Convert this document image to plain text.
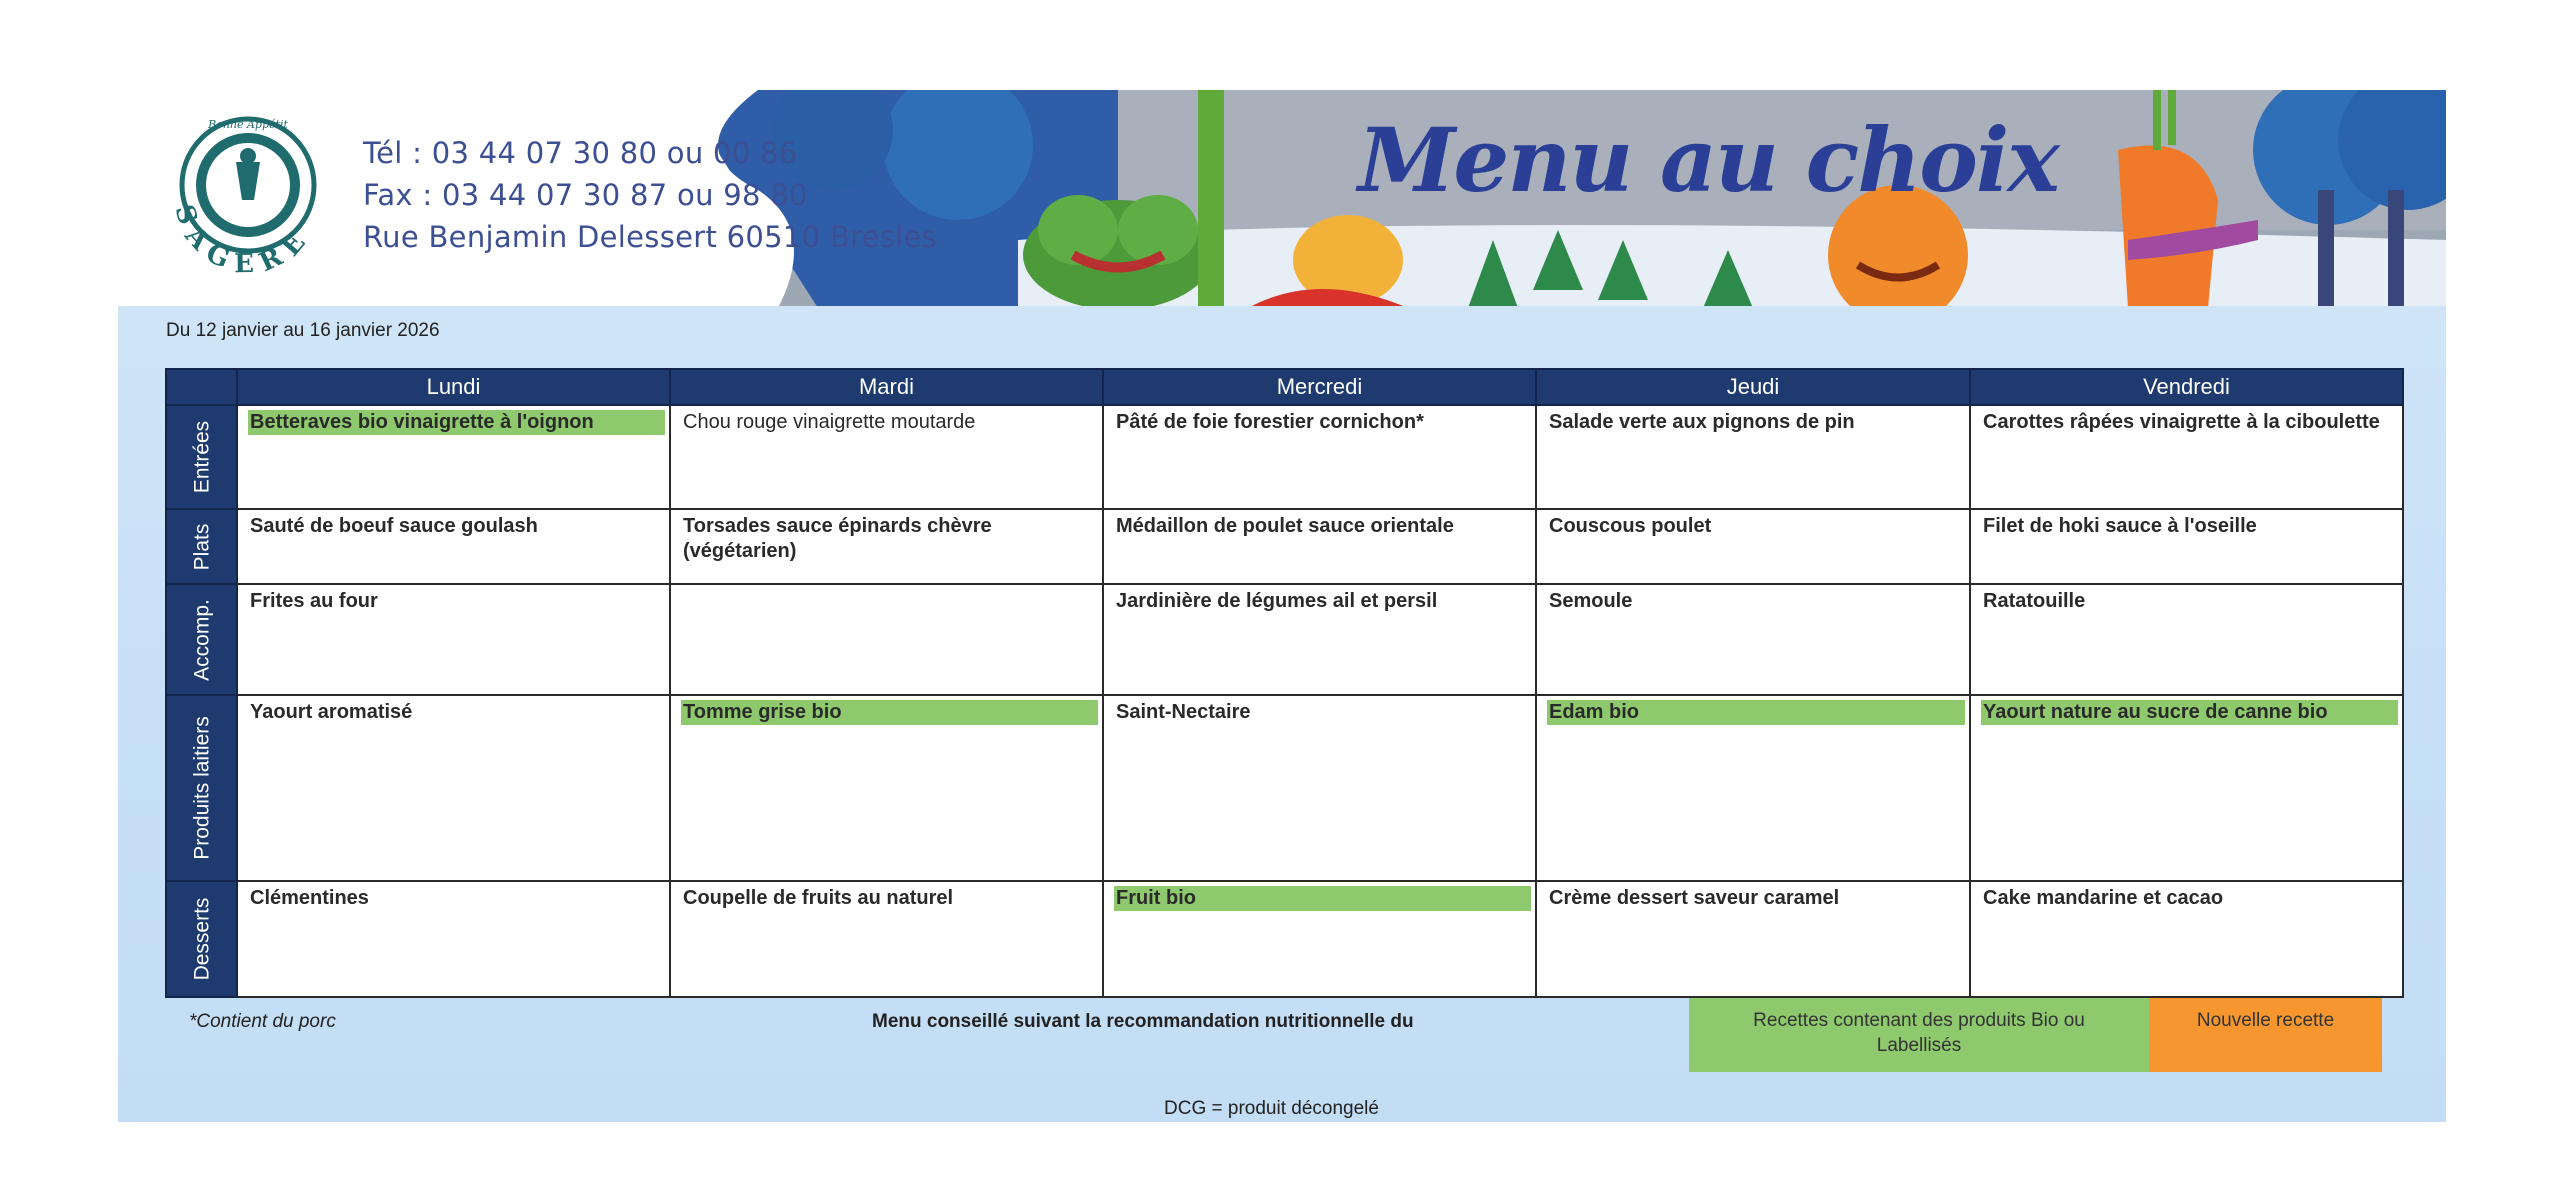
SAGERE
Bonne Appétit
Tél : 03 44 07 30 80 ou 00 86
Fax : 03 44 07 30 87 ou 98 80
Rue Benjamin Delessert 60510 Bresles
Menu au choix
Du 12 janvier au 16 janvier 2026
	Lundi	Mardi	Mercredi	Jeudi	Vendredi

Entrées	Betteraves bio vinaigrette à l'oignon	Chou rouge vinaigrette moutarde	Pâté de foie forestier cornichon*	Salade verte aux pignons de pin	Carottes râpées vinaigrette à la ciboulette

Plats	Sauté de boeuf sauce goulash	Torsades sauce épinards chèvre (végétarien)	Médaillon de poulet sauce orientale	Couscous poulet	Filet de hoki sauce à l'oseille

Accomp.	Frites au four		Jardinière de légumes ail et persil	Semoule	Ratatouille

Produits laitiers	Yaourt aromatisé	Tomme grise bio	Saint-Nectaire	Edam bio	Yaourt nature au sucre de canne bio

Desserts	Clémentines	Coupelle de fruits au naturel	Fruit bio	Crème dessert saveur caramel	Cake mandarine et cacao
*Contient du porc	Menu conseillé suivant la recommandation nutritionnelle du	Recettes contenant des produits Bio ou Labellisés
Nouvelle recette
DCG = produit décongelé
